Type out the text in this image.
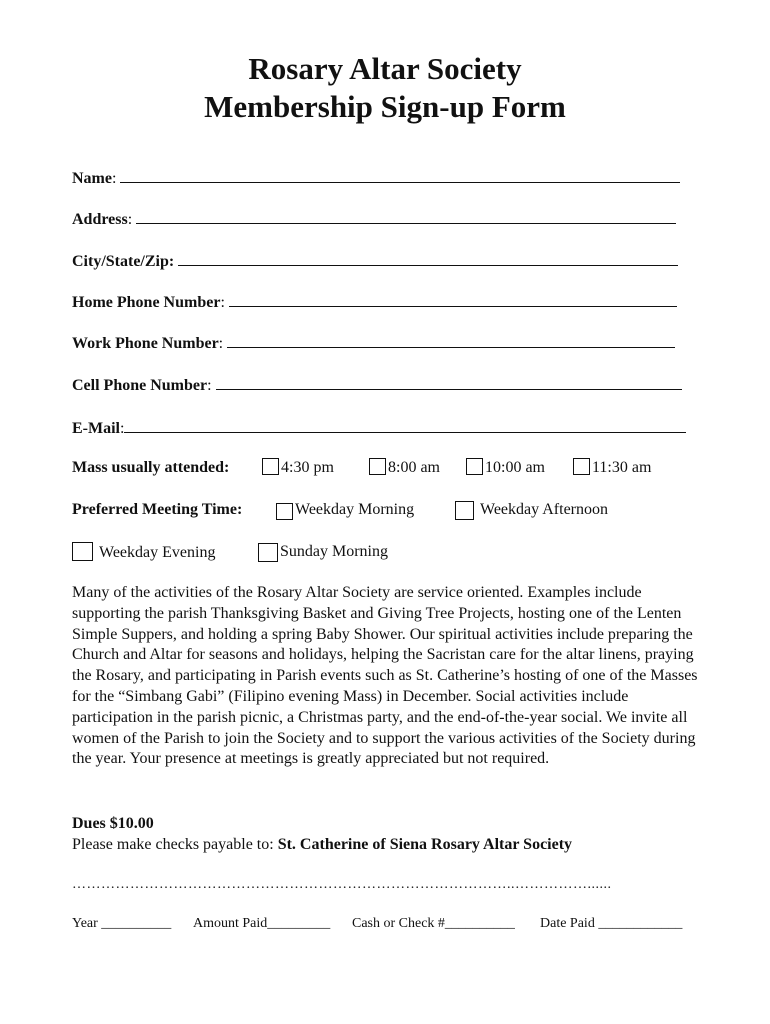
Rosary Altar Society
Membership Sign-up Form
Name:
Address:
City/State/Zip:
Home Phone Number:
Work Phone Number:
Cell Phone Number:
E-Mail:
Mass usually attended:	4:30 pm	8:00 am	10:00 am	11:30 am
Preferred Meeting Time:	Weekday Morning	Weekday Afternoon
Weekday Evening	Sunday Morning
Many of the activities of the Rosary Altar Society are service oriented. Examples include supporting the parish Thanksgiving Basket and Giving Tree Projects, hosting one of the Lenten Simple Suppers, and holding a spring Baby Shower. Our spiritual activities include preparing the Church and Altar for seasons and holidays, helping the Sacristan care for the altar linens, praying the Rosary, and participating in Parish events such as St. Catherine’s hosting of one of the Masses for the “Simbang Gabi” (Filipino evening Mass) in December. Social activities include participation in the parish picnic, a Christmas party, and the end-of-the-year social. We invite all women of the Parish to join the Society and to support the various activities of the Society during the year. Your presence at meetings is greatly appreciated but not required.
Dues $10.00
Please make checks payable to: St. Catherine of Siena Rosary Altar Society
………………………………………………………………………………..……………......
Year __________ Amount Paid_________ Cash or Check #__________ Date Paid ____________
